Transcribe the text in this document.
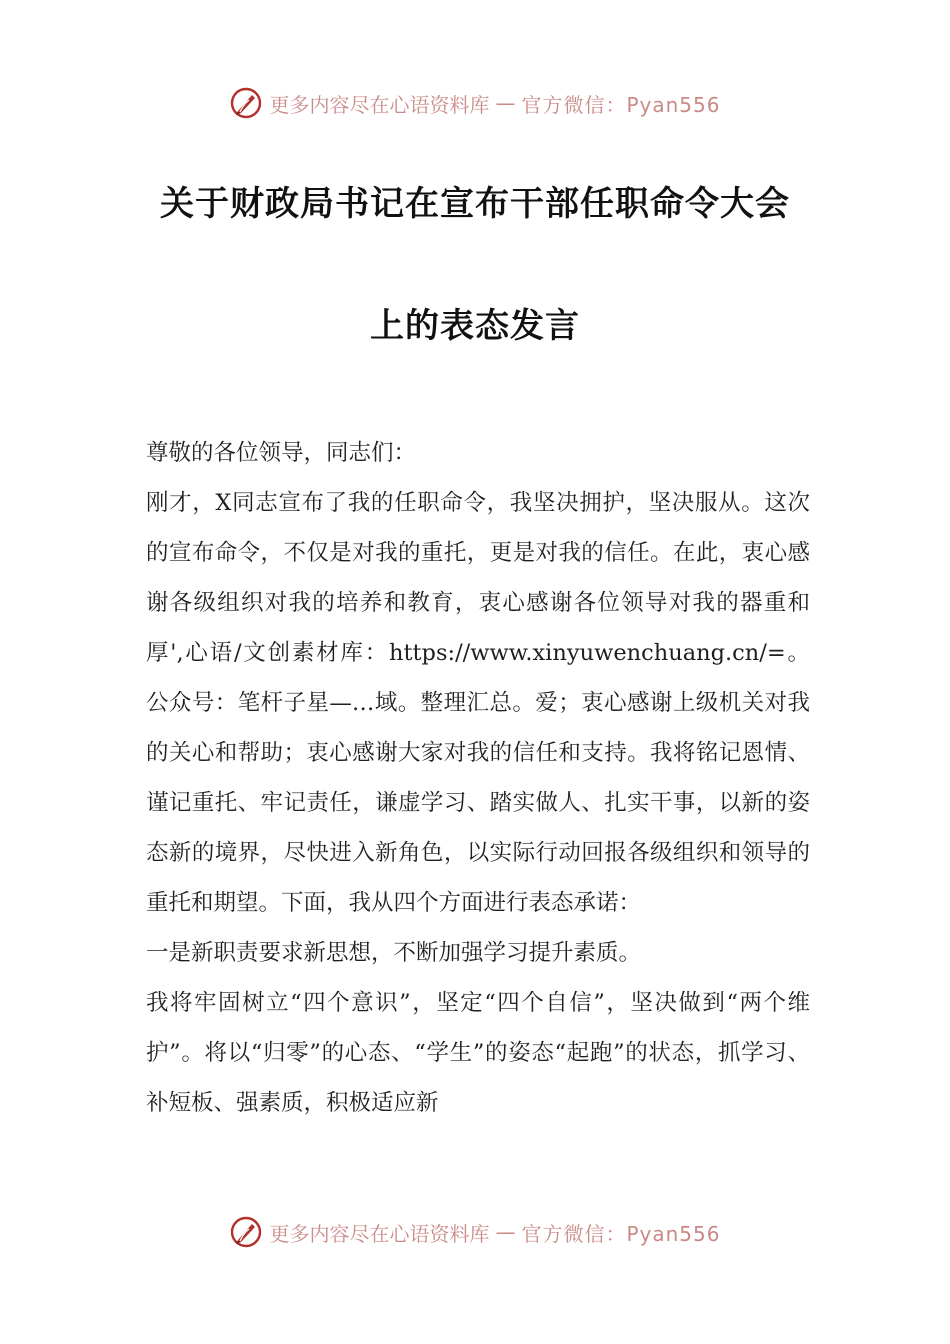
更多内容尽在心语资料库 — 官方微信：Pyan556
关于财政局书记在宣布干部任职命令大会
上的表态发言

尊敬的各位领导，同志们：

刚才，X同志宣布了我的任职命令，我坚决拥护，坚决服从。这次的宣布命令，不仅是对我的重托，更是对我的信任。在此，衷心感谢各级组织对我的培养和教育，衷心感谢各位领导对我的器重和厚',心语/文创素材库：https://www.xinyuwenchuang.cn/=。公众号：笔杆子星—…域。整理汇总。爱；衷心感谢上级机关对我的关心和帮助；衷心感谢大家对我的信任和支持。我将铭记恩情、谨记重托、牢记责任，谦虚学习、踏实做人、扎实干事，以新的姿态新的境界，尽快进入新角色，以实际行动回报各级组织和领导的重托和期望。下面，我从四个方面进行表态承诺：

一是新职责要求新思想，不断加强学习提升素质。

我将牢固树立“四个意识”，坚定“四个自信”，坚决做到“两个维护”。将以“归零”的心态、“学生”的姿态“起跑”的状态，抓学习、补短板、强素质，积极适应新

更多内容尽在心语资料库 — 官方微信：Pyan556
